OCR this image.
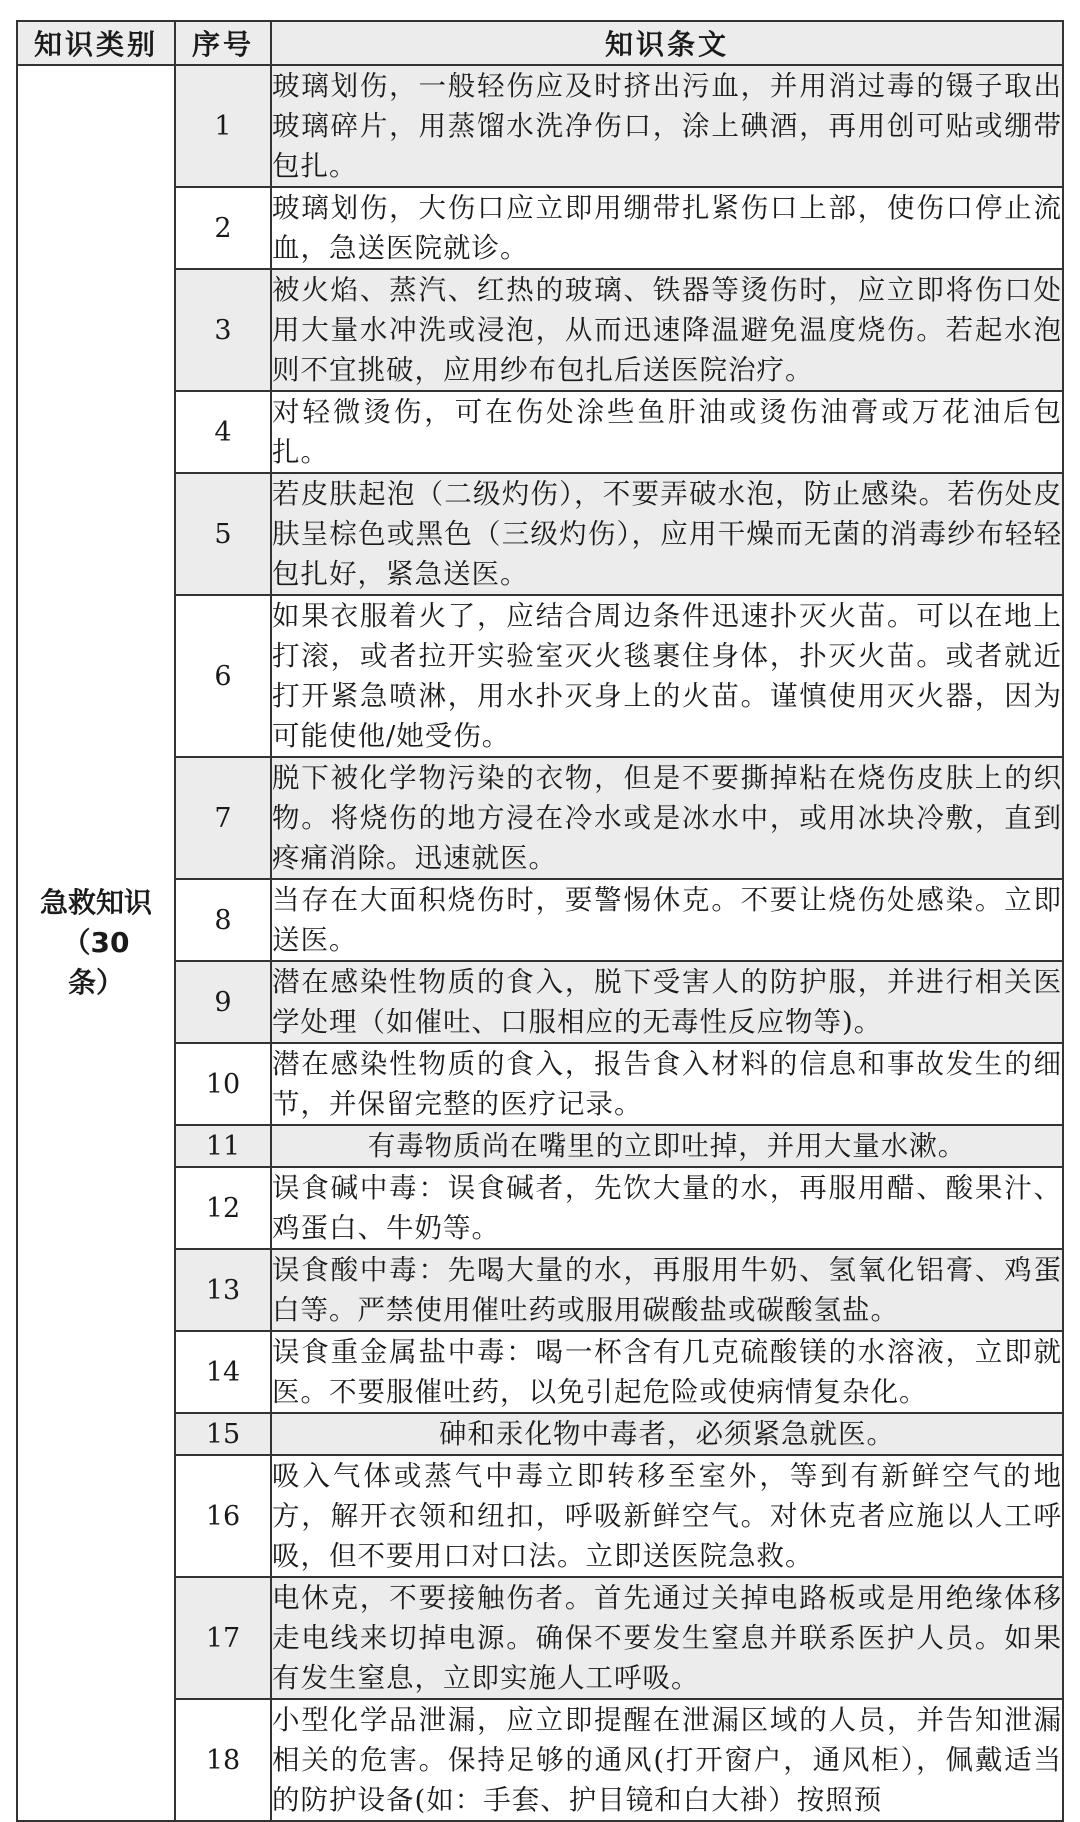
知识类别	序号	知识条文

急救知识
（30
条）	1	玻璃划伤，一般轻伤应及时挤出污血，并用消过毒的镊子取出玻璃碎片，用蒸馏水洗净伤口，涂上碘酒，再用创可贴或绷带包扎。
	2	玻璃划伤，大伤口应立即用绷带扎紧伤口上部，使伤口停止流血，急送医院就诊。
	3	被火焰、蒸汽、红热的玻璃、铁器等烫伤时，应立即将伤口处用大量水冲洗或浸泡，从而迅速降温避免温度烧伤。若起水泡则不宜挑破，应用纱布包扎后送医院治疗。
	4	对轻微烫伤，可在伤处涂些鱼肝油或烫伤油膏或万花油后包扎。
	5	若皮肤起泡（二级灼伤），不要弄破水泡，防止感染。若伤处皮肤呈棕色或黑色（三级灼伤），应用干燥而无菌的消毒纱布轻轻包扎好，紧急送医。
	6	如果衣服着火了，应结合周边条件迅速扑灭火苗。可以在地上打滚，或者拉开实验室灭火毯裹住身体，扑灭火苗。或者就近打开紧急喷淋，用水扑灭身上的火苗。谨慎使用灭火器，因为可能使他/她受伤。
	7	脱下被化学物污染的衣物，但是不要撕掉粘在烧伤皮肤上的织物。将烧伤的地方浸在冷水或是冰水中，或用冰块冷敷，直到疼痛消除。迅速就医。
	8	当存在大面积烧伤时，要警惕休克。不要让烧伤处感染。立即送医。
	9	潜在感染性物质的食入，脱下受害人的防护服，并进行相关医学处理（如催吐、口服相应的无毒性反应物等)。
	10	潜在感染性物质的食入，报告食入材料的信息和事故发生的细节，并保留完整的医疗记录。
	11	有毒物质尚在嘴里的立即吐掉，并用大量水漱。
	12	误食碱中毒：误食碱者，先饮大量的水，再服用醋、酸果汁、鸡蛋白、牛奶等。
	13	误食酸中毒：先喝大量的水，再服用牛奶、氢氧化铝膏、鸡蛋白等。严禁使用催吐药或服用碳酸盐或碳酸氢盐。
	14	误食重金属盐中毒：喝一杯含有几克硫酸镁的水溶液，立即就医。不要服催吐药，以免引起危险或使病情复杂化。
	15	砷和汞化物中毒者，必须紧急就医。
	16	吸入气体或蒸气中毒立即转移至室外，等到有新鲜空气的地方，解开衣领和纽扣，呼吸新鲜空气。对休克者应施以人工呼吸，但不要用口对口法。立即送医院急救。
	17	电休克，不要接触伤者。首先通过关掉电路板或是用绝缘体移走电线来切掉电源。确保不要发生窒息并联系医护人员。如果有发生窒息，立即实施人工呼吸。
	18	小型化学品泄漏，应立即提醒在泄漏区域的人员，并告知泄漏相关的危害。保持足够的通风(打开窗户，通风柜），佩戴适当的防护设备(如：手套、护目镜和白大褂）按照预
